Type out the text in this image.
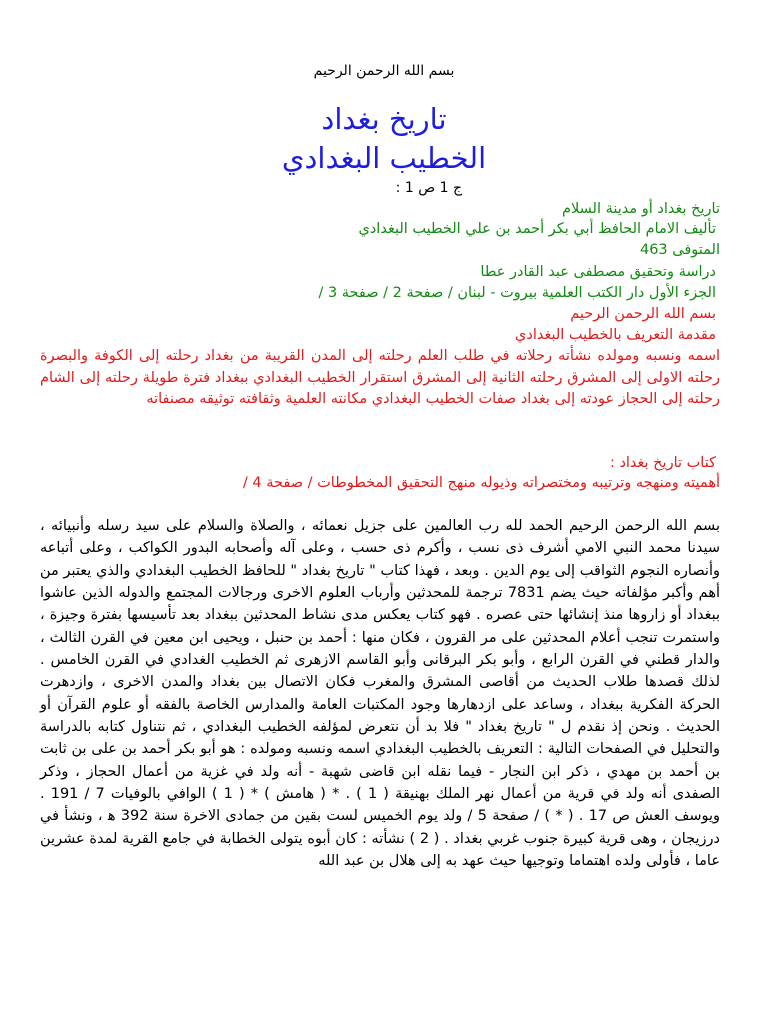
بسم الله الرحمن الرحيم
تاريخ بغداد
الخطيب البغدادي
ج 1 ص 1 :
تاريخ بغداد أو مدينة السلام
تأليف الامام الحافظ أبي بكر أحمد بن علي الخطيب البغدادي
المتوفى 463
دراسة وتحقيق مصطفى عبد القادر عطا
الجزء الأول دار الكتب العلمية بيروت - لبنان / صفحة 2 / صفحة 3 /
بسم الله الرحمن الرحيم
مقدمة التعريف بالخطيب البغدادي

اسمه ونسبه ومولده نشأته رحلاته في طلب العلم رحلته إلى المدن القريبة من بغداد رحلته إلى الكوفة والبصرة رحلته الاولى إلى المشرق رحلته الثانية إلى المشرق استقرار الخطيب البغدادي ببغداد فترة طويلة رحلته إلى الشام رحلته إلى الحجاز عودته إلى بغداد صفات الخطيب البغدادي مكانته العلمية وثقافته توثيقه مصنفاته

كتاب تاريخ بغداد :
أهميته ومنهجه وترتيبه ومختصراته وذيوله منهج التحقيق المخطوطات / صفحة 4 /

بسم الله الرحمن الرحيم الحمد لله رب العالمين على جزيل نعمائه ، والصلاة والسلام على سيد رسله وأنبيائه ، سيدنا محمد النبي الامي أشرف ذى نسب ، وأكرم ذى حسب ، وعلى آله وأصحابه البدور الكواكب ، وعلى أتباعه وأنصاره النجوم الثواقب إلى يوم الدين . وبعد ، فهذا كتاب " تاريخ بغداد " للحافظ الخطيب البغدادي والذي يعتبر من أهم وأكبر مؤلفاته حيث يضم 7831 ترجمة للمحدثين وأرباب العلوم الاخرى ورجالات المجتمع والدوله الذين عاشوا ببغداد أو زاروها منذ إنشائها حتى عصره . فهو كتاب يعكس مدى نشاط المحدثين ببغداد بعد تأسيسها بفترة وجيزة ، واستمرت تنجب أعلام المحدثين على مر القرون ، فكان منها : أحمد بن حنبل ، ويحيى ابن معين في القرن الثالث ، والدار قطني في القرن الرابع ، وأبو بكر البرقانى وأبو القاسم الازهرى ثم الخطيب الغدادي في القرن الخامس . لذلك قصدها طلاب الحديث من أقاصى المشرق والمغرب فكان الاتصال بين بغداد والمدن الاخرى ، وازدهرت الحركة الفكرية ببغداد ، وساعد على ازدهارها وجود المكتبات العامة والمدارس الخاصة بالفقه أو علوم القرآن أو الحديث . ونحن إذ نقدم ل " تاريخ بغداد " فلا بد أن نتعرض لمؤلفه الخطيب البغدادي ، ثم نتناول كتابه بالدراسة والتحليل في الصفحات التالية : التعريف بالخطيب البغدادي اسمه ونسبه ومولده : هو أبو بكر أحمد بن على بن ثابت بن أحمد بن مهدي ، ذكر ابن النجار - فيما نقله ابن قاضى شهبة - أنه ولد في غزية من أعمال الحجاز ، وذكر الصفدى أنه ولد في قرية من أعمال نهر الملك بهنيقة ( 1 ) . * ( هامش ) * ( 1 ) الوافي بالوفيات 7 / 191 . ويوسف العش ص 17 . ( * ) / صفحة 5 / ولد يوم الخميس لست بقين من جمادى الاخرة سنة 392 ه‍ ، ونشأ في درزيجان ، وهى قرية كبيرة جنوب غربي بغداد . ( 2 ) نشأته : كان أبوه يتولى الخطابة في جامع القرية لمدة عشرين عاما ، فأولى ولده اهتماما وتوجيها حيث عهد به إلى هلال بن عبد الله
